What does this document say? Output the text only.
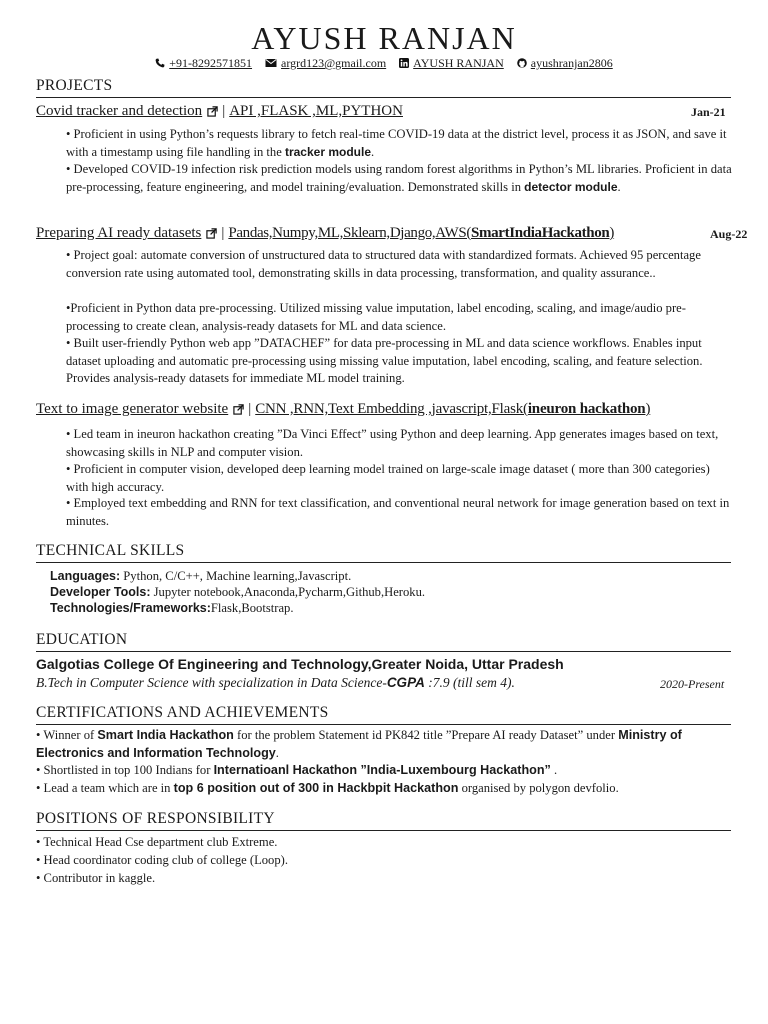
AYUSH RANJAN
+91-8292571851 argrd123@gmail.com AYUSH RANJAN ayushranjan2806
PROJECTS
Covid tracker and detection | API ,FLASK ,ML,PYTHON	Jan-21
• Proficient in using Python’s requests library to fetch real-time COVID-19 data at the district level, process it as JSON, and save it with a timestamp using file handling in the tracker module.
• Developed COVID-19 infection risk prediction models using random forest algorithms in Python’s ML libraries. Proficient in data pre-processing, feature engineering, and model training/evaluation. Demonstrated skills in detector module.
Preparing AI ready datasets | Pandas,Numpy,ML,Sklearn,Django,AWS(SmartIndiaHackathon)	Aug-22
• Project goal: automate conversion of unstructured data to structured data with standardized formats. Achieved 95 percentage conversion rate using automated tool, demonstrating skills in data processing, transformation, and quality assurance..
•Proficient in Python data pre-processing. Utilized missing value imputation, label encoding, scaling, and image/audio pre-processing to create clean, analysis-ready datasets for ML and data science.
• Built user-friendly Python web app ”DATACHEF” for data pre-processing in ML and data science workflows. Enables input dataset uploading and automatic pre-processing using missing value imputation, label encoding, scaling, and feature selection. Provides analysis-ready datasets for immediate ML model training.
Text to image generator website | CNN ,RNN,Text Embedding ,javascript,Flask(ineuron hackathon)
• Led team in ineuron hackathon creating ”Da Vinci Effect” using Python and deep learning. App generates images based on text, showcasing skills in NLP and computer vision.
• Proficient in computer vision, developed deep learning model trained on large-scale image dataset ( more than 300 categories) with high accuracy.
• Employed text embedding and RNN for text classification, and conventional neural network for image generation based on text in minutes.
TECHNICAL SKILLS
Languages: Python, C/C++, Machine learning,Javascript.
Developer Tools: Jupyter notebook,Anaconda,Pycharm,Github,Heroku.
Technologies/Frameworks:Flask,Bootstrap.
EDUCATION
Galgotias College Of Engineering and Technology,Greater Noida, Uttar Pradesh
B.Tech in Computer Science with specialization in Data Science-CGPA :7.9 (till sem 4).	2020-Present
CERTIFICATIONS AND ACHIEVEMENTS
• Winner of Smart India Hackathon for the problem Statement id PK842 title ”Prepare AI ready Dataset” under Ministry of Electronics and Information Technology.
• Shortlisted in top 100 Indians for Internatioanl Hackathon ”India-Luxembourg Hackathon” .
• Lead a team which are in top 6 position out of 300 in Hackbpit Hackathon organised by polygon devfolio.
POSITIONS OF RESPONSIBILITY
• Technical Head Cse department club Extreme.
• Head coordinator coding club of college (Loop).
• Contributor in kaggle.
